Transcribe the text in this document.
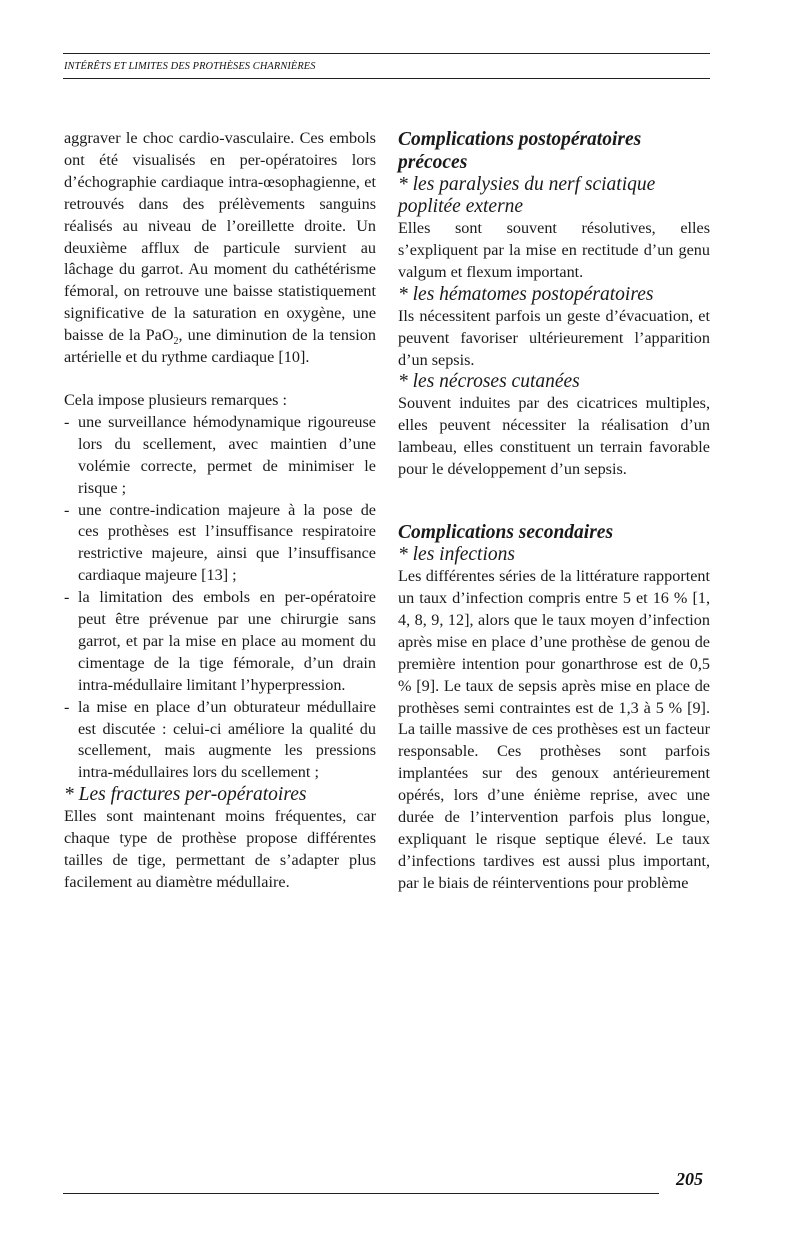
INTÉRÊTS ET LIMITES DES PROTHÈSES CHARNIÈRES

aggraver le choc cardio-vasculaire. Ces embols ont été visualisés en per-opératoires lors d’échographie cardiaque intra-œsophagienne, et retrouvés dans des prélèvements sanguins réalisés au niveau de l’oreillette droite. Un deuxième afflux de particule survient au lâchage du garrot. Au moment du cathétérisme fémoral, on retrouve une baisse statistiquement significative de la saturation en oxygène, une baisse de la PaO$_2$, une diminution de la tension artérielle et du rythme cardiaque [10].

Cela impose plusieurs remarques :

- une surveillance hémodynamique rigoureuse lors du scellement, avec maintien d’une volémie correcte, permet de minimiser le risque ;
- une contre-indication majeure à la pose de ces prothèses est l’insuffisance respiratoire restrictive majeure, ainsi que l’insuffisance cardiaque majeure [13] ;
- la limitation des embols en per-opératoire peut être prévenue par une chirurgie sans garrot, et par la mise en place au moment du cimentage de la tige fémorale, d’un drain intra-médullaire limitant l’hyperpression.
- la mise en place d’un obturateur médullaire est discutée : celui-ci améliore la qualité du scellement, mais augmente les pressions intra-médullaires lors du scellement ;

* Les fractures per-opératoires

Elles sont maintenant moins fréquentes, car chaque type de prothèse propose différentes tailles de tige, permettant de s’adapter plus facilement au diamètre médullaire.

Complications postopératoires précoces

* les paralysies du nerf sciatique poplitée externe

Elles sont souvent résolutives, elles s’expliquent par la mise en rectitude d’un genu valgum et flexum important.

* les hématomes postopératoires

Ils nécessitent parfois un geste d’évacuation, et peuvent favoriser ultérieurement l’apparition d’un sepsis.

* les nécroses cutanées

Souvent induites par des cicatrices multiples, elles peuvent nécessiter la réalisation d’un lambeau, elles constituent un terrain favorable pour le développement d’un sepsis.

Complications secondaires

* les infections

Les différentes séries de la littérature rapportent un taux d’infection compris entre 5 et 16 % [1, 4, 8, 9, 12], alors que le taux moyen d’infection après mise en place d’une prothèse de genou de première intention pour gonarthrose est de 0,5 % [9]. Le taux de sepsis après mise en place de prothèses semi contraintes est de 1,3 à 5 % [9]. La taille massive de ces prothèses est un facteur responsable. Ces prothèses sont parfois implantées sur des genoux antérieurement opérés, lors d’une énième reprise, avec une durée de l’intervention parfois plus longue, expliquant le risque septique élevé. Le taux d’infections tardives est aussi plus important, par le biais de réinterventions pour problème

205
